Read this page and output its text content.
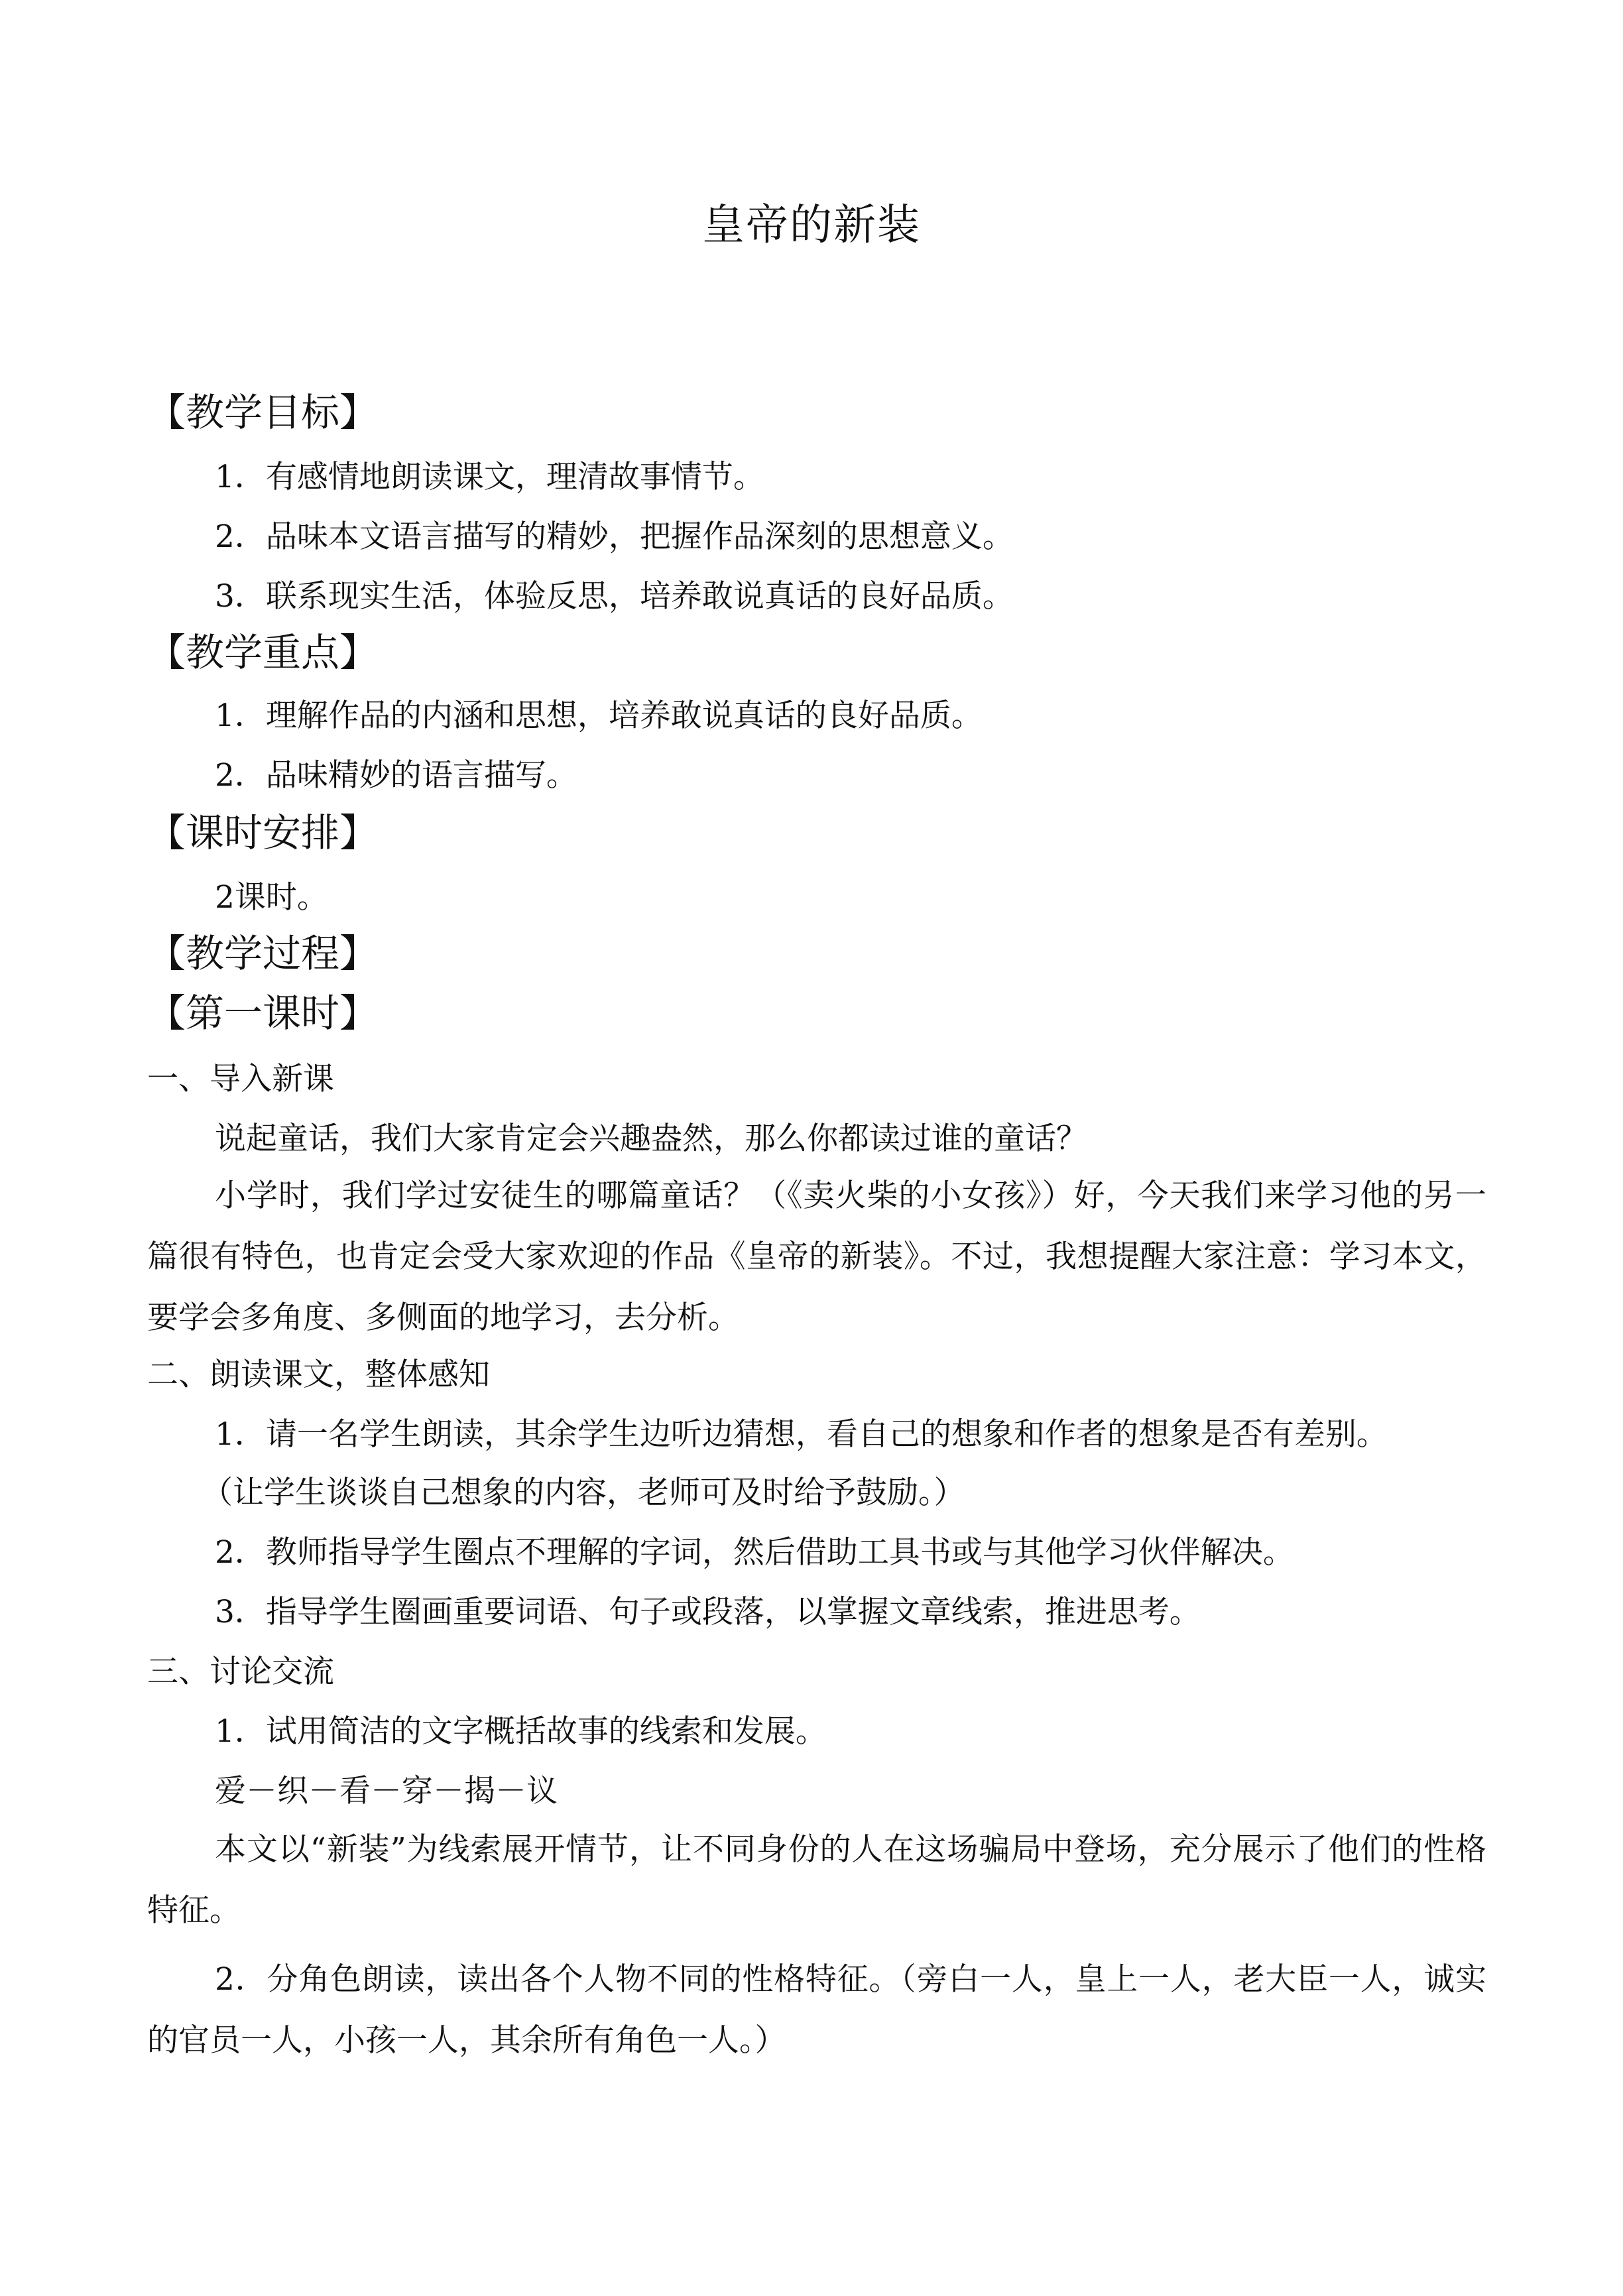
皇帝的新装
【教学目标】
1．有感情地朗读课文，理清故事情节。
2．品味本文语言描写的精妙，把握作品深刻的思想意义。
3．联系现实生活，体验反思，培养敢说真话的良好品质。
【教学重点】
1．理解作品的内涵和思想，培养敢说真话的良好品质。
2．品味精妙的语言描写。
【课时安排】
2课时。
【教学过程】
【第一课时】
一、导入新课
说起童话，我们大家肯定会兴趣盎然，那么你都读过谁的童话？
小学时，我们学过安徒生的哪篇童话？（《卖火柴的小女孩》）好，今天我们来学习他的另一篇很有特色，也肯定会受大家欢迎的作品《皇帝的新装》。不过，我想提醒大家注意：学习本文，要学会多角度、多侧面的地学习，去分析。
二、朗读课文，整体感知
1．请一名学生朗读，其余学生边听边猜想，看自己的想象和作者的想象是否有差别。
（让学生谈谈自己想象的内容，老师可及时给予鼓励。）
2．教师指导学生圈点不理解的字词，然后借助工具书或与其他学习伙伴解决。
3．指导学生圈画重要词语、句子或段落，以掌握文章线索，推进思考。
三、讨论交流
1．试用简洁的文字概括故事的线索和发展。
爱－织－看－穿－揭－议
本文以“新装”为线索展开情节，让不同身份的人在这场骗局中登场，充分展示了他们的性格特征。
2．分角色朗读，读出各个人物不同的性格特征。（旁白一人，皇上一人，老大臣一人，诚实的官员一人，小孩一人，其余所有角色一人。）
